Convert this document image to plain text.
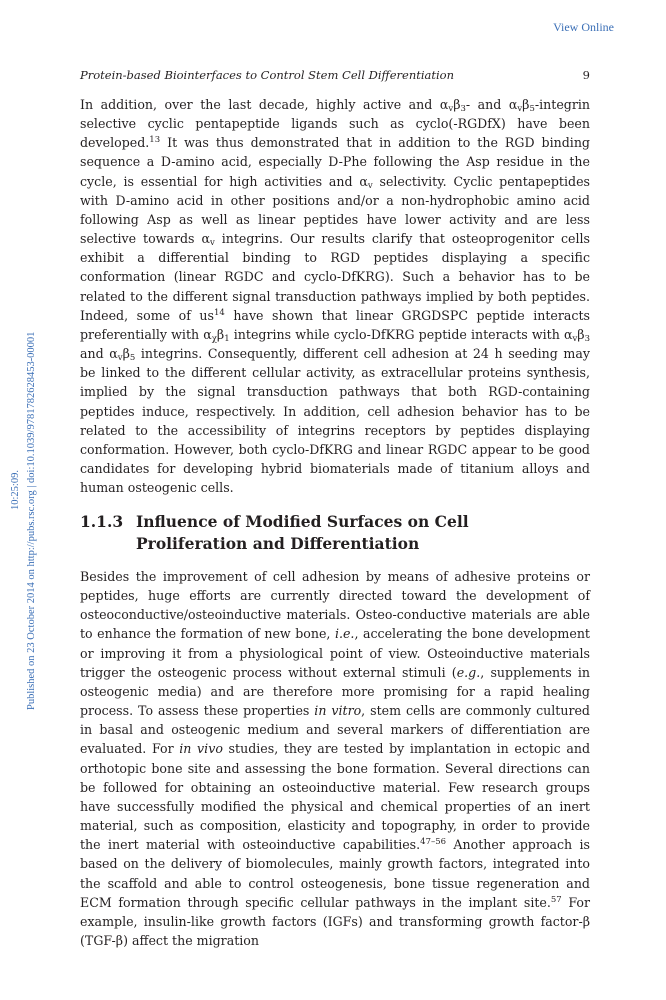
View Online
10:25:09. Published on 23 October 2014 on http://pubs.rsc.org | doi:10.1039/9781782628453-00001
Protein-based Biointerfaces to Control Stem Cell Differentiation	9
In addition, over the last decade, highly active and $\alpha_v\beta_3-$ and $\alpha_v\beta_5$-integrin selective cyclic pentapeptide ligands such as cyclo(-RGDfX) have been developed.$^{13}$ It was thus demonstrated that in addition to the RGD binding sequence a D-amino acid, especially D-Phe following the Asp residue in the cycle, is essential for high activities and $\alpha_v$ selectivity. Cyclic pentapeptides with D-amino acid in other positions and/or a non-hydrophobic amino acid following Asp as well as linear peptides have lower activity and are less selective towards $\alpha_v$ integrins. Our results clarify that osteoprogenitor cells exhibit a differential binding to RGD peptides displaying a specific conformation (linear RGDC and cyclo-DfKRG). Such a behavior has to be related to the different signal transduction pathways implied by both peptides. Indeed, some of $us^{14}$ have shown that linear GRGDSPC peptide interacts preferentially with $\alpha_\chi\beta_1$ integrins while cyclo-DfKRG peptide interacts with $\alpha_v\beta_3$ and $\alpha_v\beta_5$ integrins. Consequently, different cell adhesion at 24 h seeding may be linked to the different cellular activity, as extracellular proteins synthesis, implied by the signal transduction pathways that both RGD-containing peptides induce, respectively. In addition, cell adhesion behavior has to be related to the accessibility of integrins receptors by peptides displaying conformation. However, both cyclo-DfKRG and linear RGDC appear to be good candidates for developing hybrid biomaterials made of titanium alloys and human osteogenic cells.
1.1.3 Influence of Modified Surfaces on Cell Proliferation and Differentiation
Besides the improvement of cell adhesion by means of adhesive proteins or peptides, huge efforts are currently directed toward the development of osteoconductive/osteoinductive materials. Osteo-conductive materials are able to enhance the formation of new bone, i.e., accelerating the bone development or improving it from a physiological point of view. Osteoinductive materials trigger the osteogenic process without external stimuli (e.g., supplements in osteogenic media) and are therefore more promising for a rapid healing process. To assess these properties in vitro, stem cells are commonly cultured in basal and osteogenic medium and several markers of differentiation are evaluated. For in vivo studies, they are tested by implantation in ectopic and orthotopic bone site and assessing the bone formation. Several directions can be followed for obtaining an osteoinductive material. Few research groups have successfully modified the physical and chemical properties of an inert material, such as composition, elasticity and topography, in order to provide the inert material with osteoinductive capabilities.$^{47-56}$ Another approach is based on the delivery of biomolecules, mainly growth factors, integrated into the scaffold and able to control osteogenesis, bone tissue regeneration and ECM formation through specific cellular pathways in the implant site.$^{57}$ For example, insulin-like growth factors (IGFs) and transforming growth factor-β (TGF-β) affect the migration
